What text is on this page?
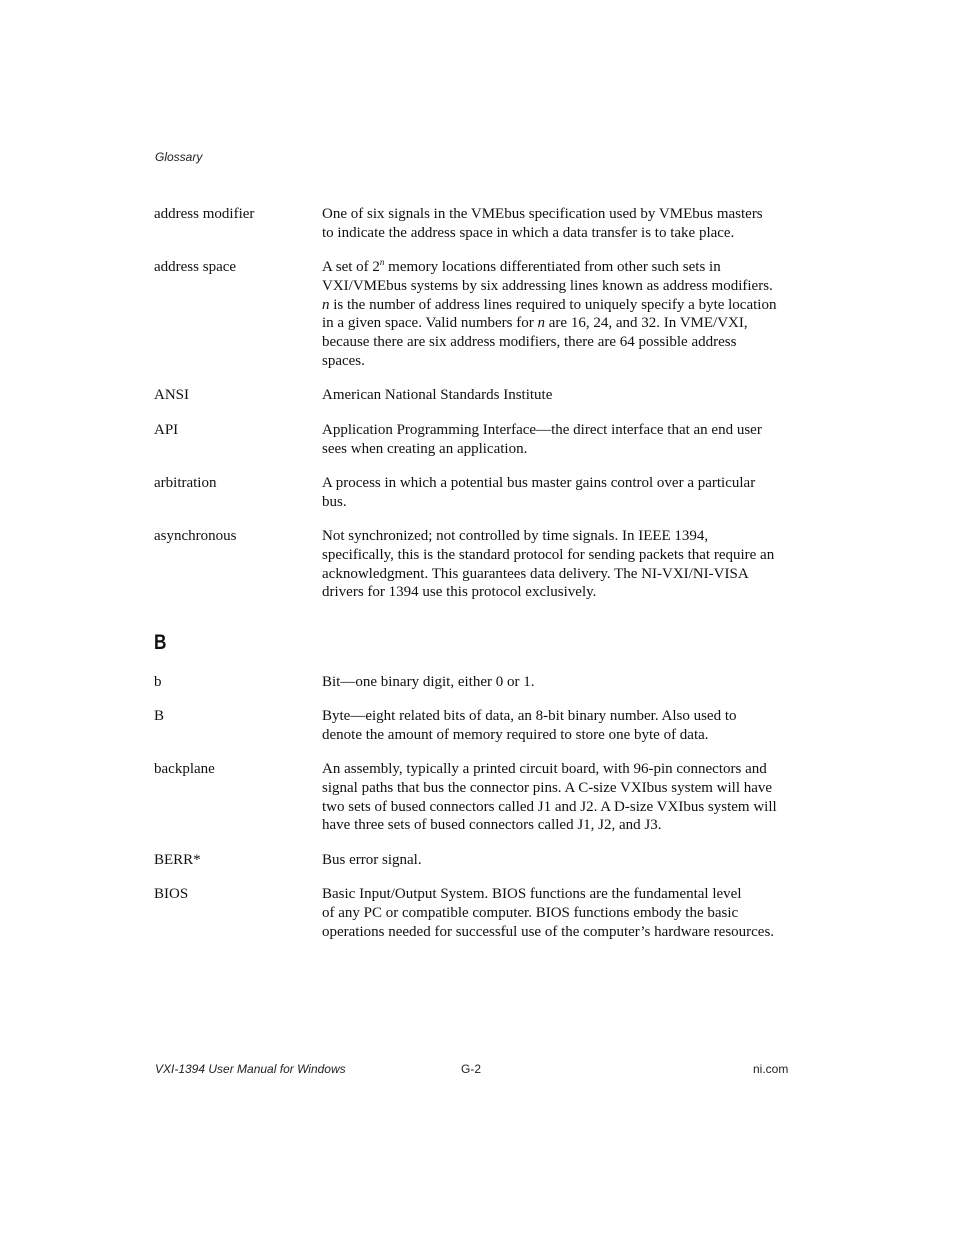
Glossary
address modifier	One of six signals in the VMEbus specification used by VMEbus masters
to indicate the address space in which a data transfer is to take place.
address space	A set of 2$^n$ memory locations differentiated from other such sets in
VXI/VMEbus systems by six addressing lines known as address modifiers.
n is the number of address lines required to uniquely specify a byte location
in a given space. Valid numbers for n are 16, 24, and 32. In VME/VXI,
because there are six address modifiers, there are 64 possible address
spaces.
ANSI	American National Standards Institute
API	Application Programming Interface—the direct interface that an end user
sees when creating an application.
arbitration	A process in which a potential bus master gains control over a particular
bus.
asynchronous	Not synchronized; not controlled by time signals. In IEEE 1394,
specifically, this is the standard protocol for sending packets that require an
acknowledgment. This guarantees data delivery. The NI-VXI/NI-VISA
drivers for 1394 use this protocol exclusively.
B
b	Bit—one binary digit, either 0 or 1.
B	Byte—eight related bits of data, an 8-bit binary number. Also used to
denote the amount of memory required to store one byte of data.
backplane	An assembly, typically a printed circuit board, with 96-pin connectors and
signal paths that bus the connector pins. A C-size VXIbus system will have
two sets of bused connectors called J1 and J2. A D-size VXIbus system will
have three sets of bused connectors called J1, J2, and J3.
BERR*	Bus error signal.
BIOS	Basic Input/Output System. BIOS functions are the fundamental level
of any PC or compatible computer. BIOS functions embody the basic
operations needed for successful use of the computer’s hardware resources.
VXI-1394 User Manual for Windows	G-2	ni.com
